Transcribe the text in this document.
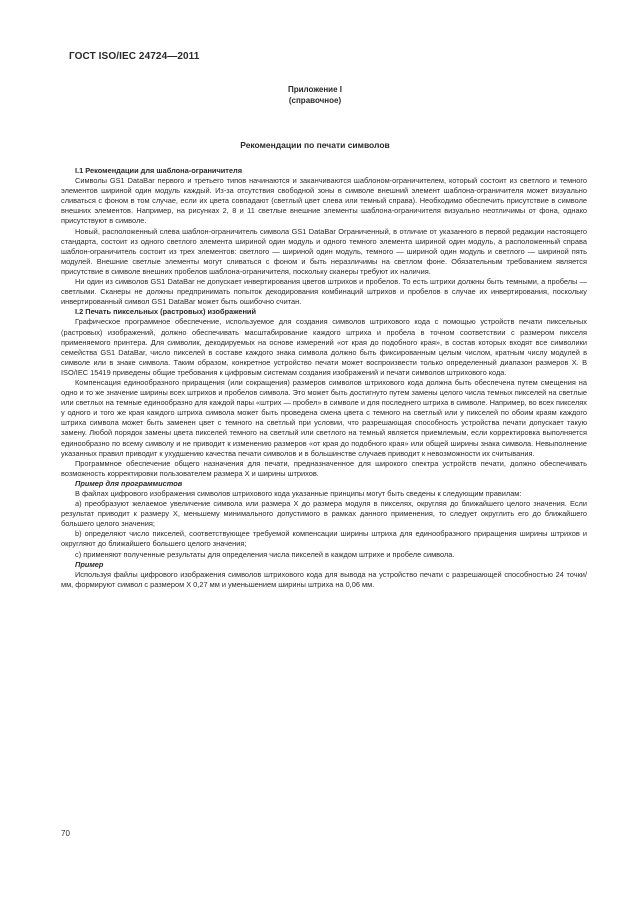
ГОСТ ISO/IEC 24724—2011
Приложение I
(справочное)
Рекомендации по печати символов
I.1 Рекомендации для шаблона-ограничителя

Символы GS1 DataBar первого и третьего типов начинаются и заканчиваются шаблоном-ограничителем, который состоит из светлого и темного элементов шириной один модуль каждый. Из-за отсутствия свободной зоны в символе внешний элемент шаблона-ограничителя может визуально сливаться с фоном в том случае, если их цвета совпадают (светлый цвет слева или темный справа). Необходимо обеспечить присутствие в символе внешних элементов. Например, на рисунках 2, 8 и 11 светлые внешние элементы шаблона-ограничителя визуально неотличимы от фона, однако присутствуют в символе.

Новый, расположенный слева шаблон-ограничитель символа GS1 DataBar Ограниченный, в отличие от указанного в первой редакции настоящего стандарта, состоит из одного светлого элемента шириной один модуль и одного темного элемента шириной один модуль, а расположенный справа шаблон-ограничитель состоит из трех элементов: светлого — шириной один модуль, темного — шириной один модуль и светлого — шириной пять модулей. Внешние светлые элементы могут сливаться с фоном и быть неразличимы на светлом фоне. Обязательным требованием является присутствие в символе внешних пробелов шаблона-ограничителя, поскольку сканеры требуют их наличия.

Ни один из символов GS1 DataBar не допускает инвертирования цветов штрихов и пробелов. То есть штрихи должны быть темными, а пробелы — светлыми. Сканеры не должны предпринимать попыток декодирования комбинаций штрихов и пробелов в случае их инвертирования, поскольку инвертированный символ GS1 DataBar может быть ошибочно считан.

I.2 Печать пиксельных (растровых) изображений

Графическое программное обеспечение, используемое для создания символов штрихового кода с помощью устройств печати пиксельных (растровых) изображений, должно обеспечивать масштабирование каждого штриха и пробела в точном соответствии с размером пикселя применяемого принтера. Для символик, декодируемых на основе измерений «от края до подобного края», в состав которых входят все символики семейства GS1 DataBar, число пикселей в составе каждого знака символа должно быть фиксированным целым числом, кратным числу модулей в символе или в знаке символа. Таким образом, конкретное устройство печати может воспроизвести только определенный диапазон размеров X. В ISO/IEC 15419 приведены общие требования к цифровым системам создания изображений и печати символов штрихового кода.

Компенсация единообразного приращения (или сокращения) размеров символов штрихового кода должна быть обеспечена путем смещения на одно и то же значение ширины всех штрихов и пробелов символа. Это может быть достигнуто путем замены целого числа темных пикселей на светлые или светлых на темные единообразно для каждой пары «штрих — пробел» в символе и для последнего штриха в символе. Например, во всех пикселях у одного и того же края каждого штриха символа может быть проведена смена цвета с темного на светлый или у пикселей по обоим краям каждого штриха символа может быть заменен цвет с темного на светлый при условии, что разрешающая способность устройства печати допускает такую замену. Любой порядок замены цвета пикселей темного на светлый или светлого на темный является приемлемым, если корректировка выполняется единообразно по всему символу и не приводит к изменению размеров «от края до подобного края» или общей ширины знака символа. Невыполнение указанных правил приводит к ухудшению качества печати символов и в большинстве случаев приводит к невозможности их считывания.

Программное обеспечение общего назначения для печати, предназначенное для широкого спектра устройств печати, должно обеспечивать возможность корректировки пользователем размера X и ширины штрихов.

Пример для программистов

В файлах цифрового изображения символов штрихового кода указанные принципы могут быть сведены к следующим правилам:

а) преобразуют желаемое увеличение символа или размера X до размера модуля в пикселях, округляя до ближайшего целого значения. Если результат приводит к размеру X, меньшему минимального допустимого в рамках данного применения, то следует округлить его до ближайшего большего целого значения;

b) определяют число пикселей, соответствующее требуемой компенсации ширины штриха для единообразного приращения ширины штрихов и округляют до ближайшего большего целого значения;

c) применяют полученные результаты для определения числа пикселей в каждом штрихе и пробеле символа.

Пример

Используя файлы цифрового изображения символов штрихового кода для вывода на устройство печати с разрешающей способностью 24 точки/мм, формируют символ с размером X 0,27 мм и уменьшением ширины штриха на 0,06 мм.

70
